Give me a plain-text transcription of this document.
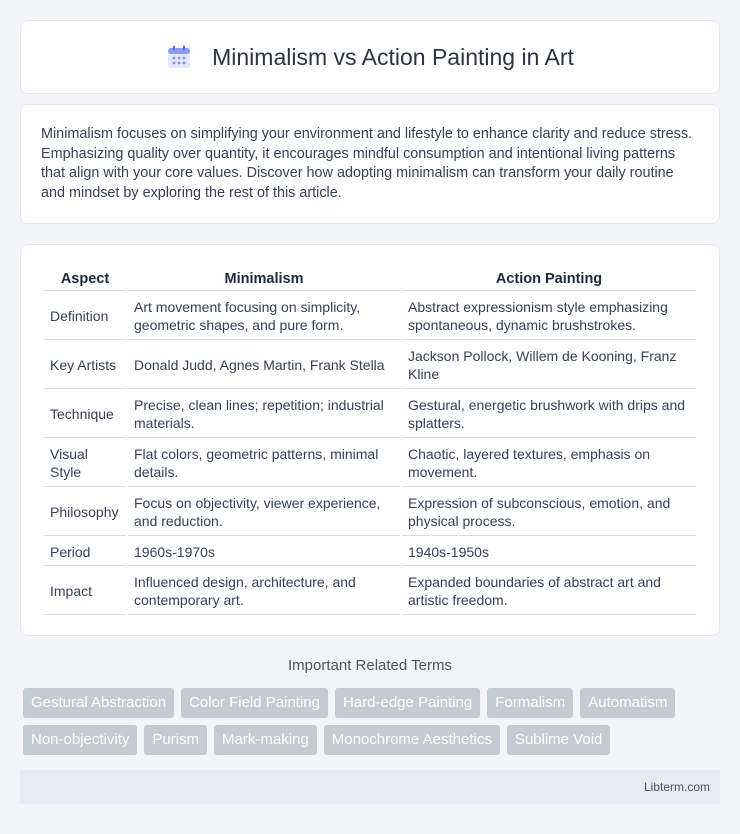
Minimalism vs Action Painting in Art

Minimalism focuses on simplifying your environment and lifestyle to enhance clarity and reduce stress. Emphasizing quality over quantity, it encourages mindful consumption and intentional living patterns that align with your core values. Discover how adopting minimalism can transform your daily routine and mindset by exploring the rest of this article.

Aspect	Minimalism	Action Painting
Definition	Art movement focusing on simplicity, geometric shapes, and pure form.	Abstract expressionism style emphasizing spontaneous, dynamic brushstrokes.
Key Artists	Donald Judd, Agnes Martin, Frank Stella	Jackson Pollock, Willem de Kooning, Franz Kline
Technique	Precise, clean lines; repetition; industrial materials.	Gestural, energetic brushwork with drips and splatters.
Visual Style	Flat colors, geometric patterns, minimal details.	Chaotic, layered textures, emphasis on movement.
Philosophy	Focus on objectivity, viewer experience, and reduction.	Expression of subconscious, emotion, and physical process.
Period	1960s-1970s	1940s-1950s
Impact	Influenced design, architecture, and contemporary art.	Expanded boundaries of abstract art and artistic freedom.
Important Related Terms
Gestural Abstraction	Color Field Painting	Hard-edge Painting	Formalism	Automatism
Non-objectivity	Purism	Mark-making	Monochrome Aesthetics	Sublime Void
Libterm.com
